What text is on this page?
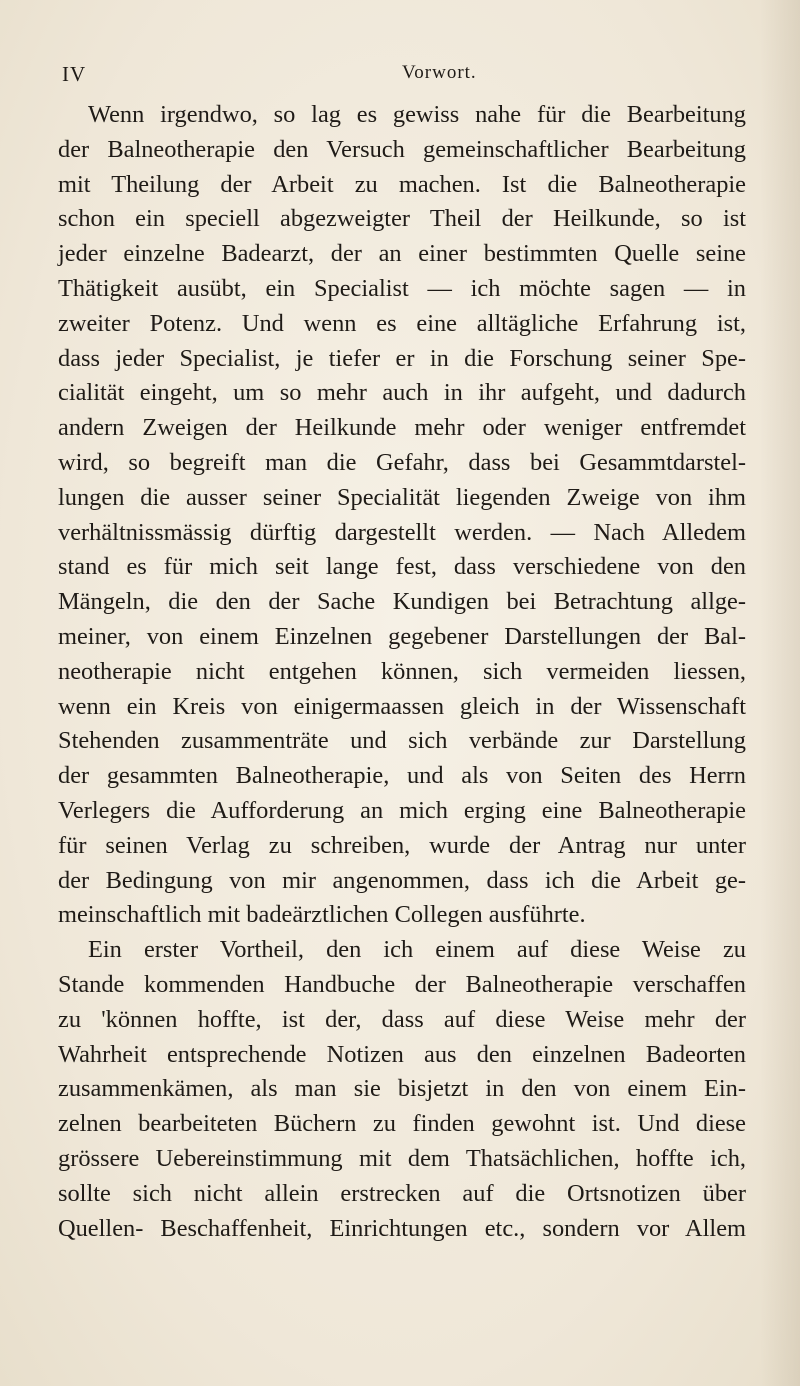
IV	Vorwort.
Wenn irgendwo, so lag es gewiss nahe für die Bearbeitung
der Balneotherapie den Versuch gemeinschaftlicher Bearbeitung
mit Theilung der Arbeit zu machen. Ist die Balneotherapie
schon ein speciell abgezweigter Theil der Heilkunde, so ist
jeder einzelne Badearzt, der an einer bestimmten Quelle seine
Thätigkeit ausübt, ein Specialist — ich möchte sagen — in
zweiter Potenz. Und wenn es eine alltägliche Erfahrung ist,
dass jeder Specialist, je tiefer er in die Forschung seiner Spe-
cialität eingeht, um so mehr auch in ihr aufgeht, und dadurch
andern Zweigen der Heilkunde mehr oder weniger entfremdet
wird, so begreift man die Gefahr, dass bei Gesammtdarstel-
lungen die ausser seiner Specialität liegenden Zweige von ihm
verhältnissmässig dürftig dargestellt werden. — Nach Alledem
stand es für mich seit lange fest, dass verschiedene von den
Mängeln, die den der Sache Kundigen bei Betrachtung allge-
meiner, von einem Einzelnen gegebener Darstellungen der Bal-
neotherapie nicht entgehen können, sich vermeiden liessen,
wenn ein Kreis von einigermaassen gleich in der Wissenschaft
Stehenden zusammenträte und sich verbände zur Darstellung
der gesammten Balneotherapie, und als von Seiten des Herrn
Verlegers die Aufforderung an mich erging eine Balneotherapie
für seinen Verlag zu schreiben, wurde der Antrag nur unter
der Bedingung von mir angenommen, dass ich die Arbeit ge-
meinschaftlich mit badeärztlichen Collegen ausführte.
Ein erster Vortheil, den ich einem auf diese Weise zu
Stande kommenden Handbuche der Balneotherapie verschaffen
zu 'können hoffte, ist der, dass auf diese Weise mehr der
Wahrheit entsprechende Notizen aus den einzelnen Badeorten
zusammenkämen, als man sie bisjetzt in den von einem Ein-
zelnen bearbeiteten Büchern zu finden gewohnt ist. Und diese
grössere Uebereinstimmung mit dem Thatsächlichen, hoffte ich,
sollte sich nicht allein erstrecken auf die Ortsnotizen über
Quellen- Beschaffenheit, Einrichtungen etc., sondern vor Allem
